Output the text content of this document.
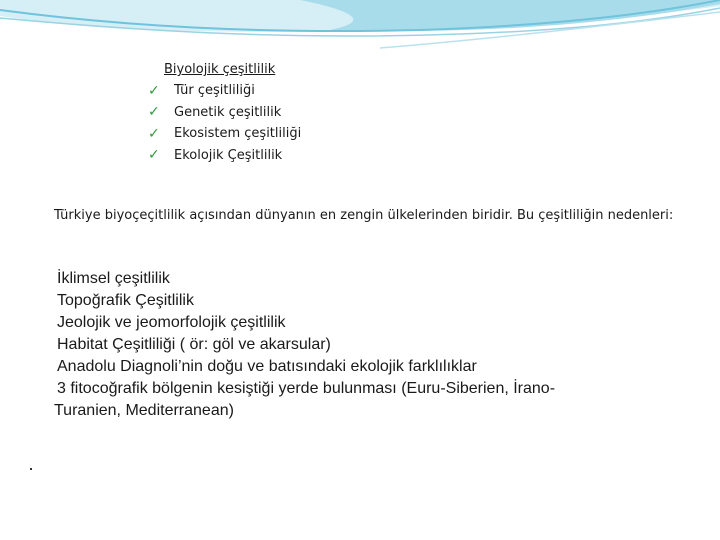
Biyolojik çeşitlilik
✓ Tür çeşitliliği
✓ Genetik çeşitlilik
✓ Ekosistem çeşitliliği
✓ Ekolojik Çeşitlilik
Türkiye biyoçeçitlilik açısından dünyanın en zengin ülkelerinden biridir. Bu çeşitliliğin nedenleri:
İklimsel çeşitlilik
Topoğrafik Çeşitlilik
Jeolojik ve jeomorfolojik çeşitlilik
Habitat Çeşitliliği ( ör: göl ve akarsular)
Anadolu Diagnoli’nin doğu ve batısındaki ekolojik farklılıklar
3 fitocoğrafik bölgenin kesiştiği yerde bulunması (Euru-Siberien, İrano-
Turanien, Mediterranean)
